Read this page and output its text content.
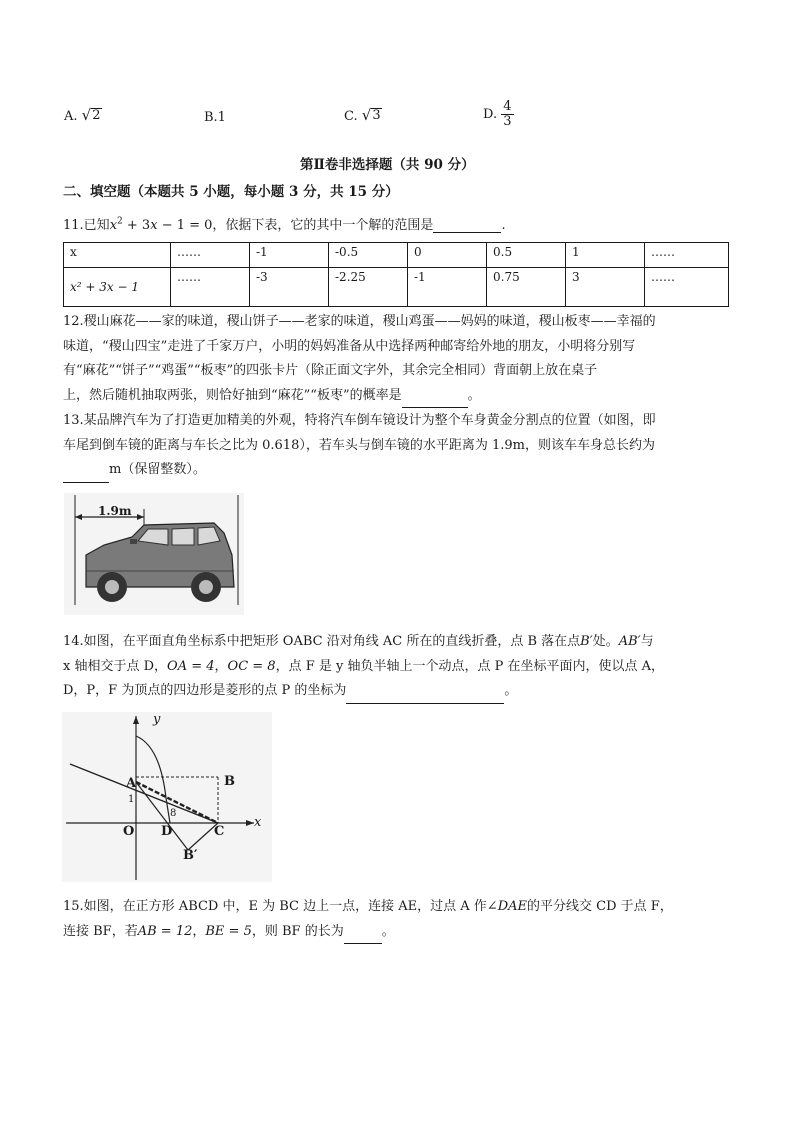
A. √ 2	B.1	C. √ 3	D. $\frac{4}{3}$
第Ⅱ卷非选择题（共 90 分）
二、填空题（本题共 5 小题，每小题 3 分，共 15 分）
11.已知$x^2 + 3x - 1 = 0$，依据下表，它的其中一个解的范围是	.
x	……	-1	-0.5	0	0.5	1	……
x² + 3x − 1	……	-3	-2.25	-1	0.75	3	……
12.稷山麻花——家的味道，稷山饼子——老家的味道，稷山鸡蛋——妈妈的味道，稷山板枣——幸福的
味道，“稷山四宝”走进了千家万户，小明的妈妈准备从中选择两种邮寄给外地的朋友，小明将分别写
有“麻花”“饼子”“鸡蛋”“板枣”的四张卡片（除正面文字外，其余完全相同）背面朝上放在桌子
上，然后随机抽取两张，则恰好抽到“麻花”“板枣”的概率是	。
13.某品牌汽车为了打造更加精美的外观，特将汽车倒车镜设计为整个车身黄金分割点的位置（如图，即
车尾到倒车镜的距离与车长之比为 0.618），若车头与倒车镜的水平距离为 1.9m，则该车车身总长约为
m（保留整数）。
1.9m
14.如图，在平面直角坐标系中把矩形 OABC 沿对角线 AC 所在的直线折叠，点 B 落在点B′处。AB′与
x 轴相交于点 D，OA = 4，OC = 8，点 F 是 y 轴负半轴上一个动点，点 P 在坐标平面内，使以点 A，
D，P，F 为顶点的四边形是菱形的点 P 的坐标为	。
y
x
A	B
O D	C
B′
1
8
15.如图，在正方形 ABCD 中，E 为 BC 边上一点，连接 AE，过点 A 作∠DAE的平分线交 CD 于点 F，
连接 BF，若AB = 12，BE = 5，则 BF 的长为	。
